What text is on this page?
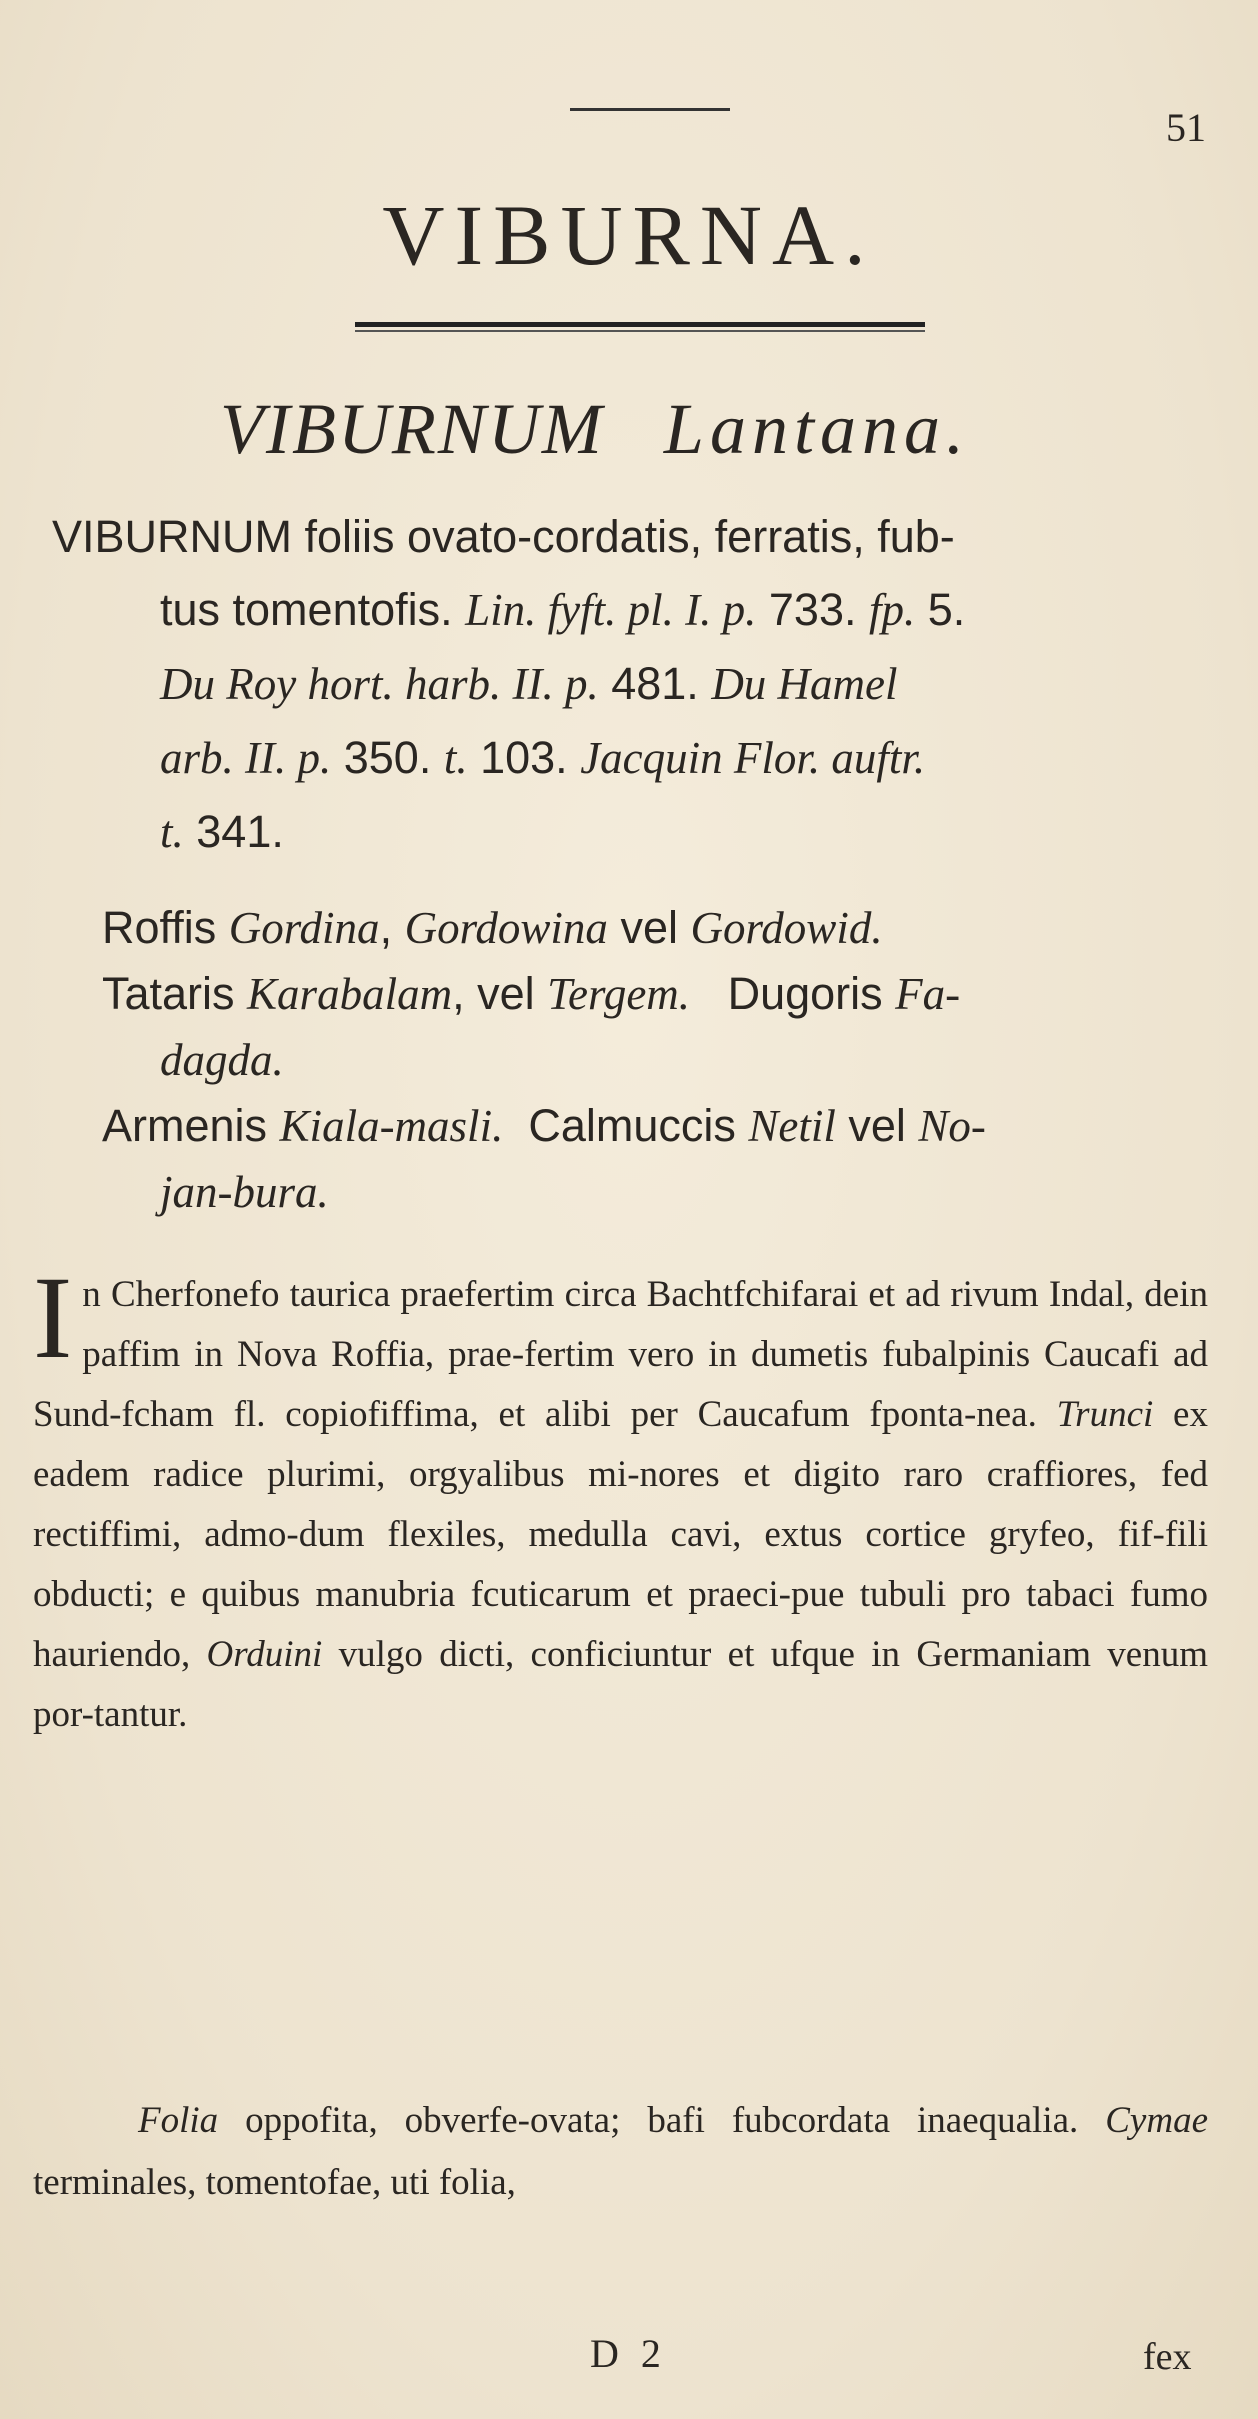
51
VIBURNA.
VIBURNUM Lantana.
VIBURNUM foliis ovato-cordatis, ferratis, fub-
tus tomentofis. Lin. fyft. pl. I. p. 733. fp. 5.
Du Roy hort. harb. II. p. 481. Du Hamel
arb. II. p. 350. t. 103. Jacquin Flor. auftr.
t. 341.
Roffis Gordina, Gordowina vel Gordowid.
Tataris Karabalam, vel Tergem.   Dugoris Fa-
dagda.
Armenis Kiala-masli.  Calmuccis Netil vel No-
jan-bura.
In Cherfonefo taurica praefertim circa Bachtfchifarai et ad rivum Indal, dein paffim in Nova Roffia, prae-fertim vero in dumetis fubalpinis Caucafi ad Sund-fcham fl. copiofiffima, et alibi per Caucafum fponta-nea. Trunci ex eadem radice plurimi, orgyalibus mi-nores et digito raro craffiores, fed rectiffimi, admo-dum flexiles, medulla cavi, extus cortice gryfeo, fif-fili obducti; e quibus manubria fcuticarum et praeci-pue tubuli pro tabaci fumo hauriendo, Orduini vulgo dicti, conficiuntur et ufque in Germaniam venum por-tantur.
Folia oppofita, obverfe-ovata; bafi fubcordata inaequalia. Cymae terminales, tomentofae, uti folia,
D 2	fex
